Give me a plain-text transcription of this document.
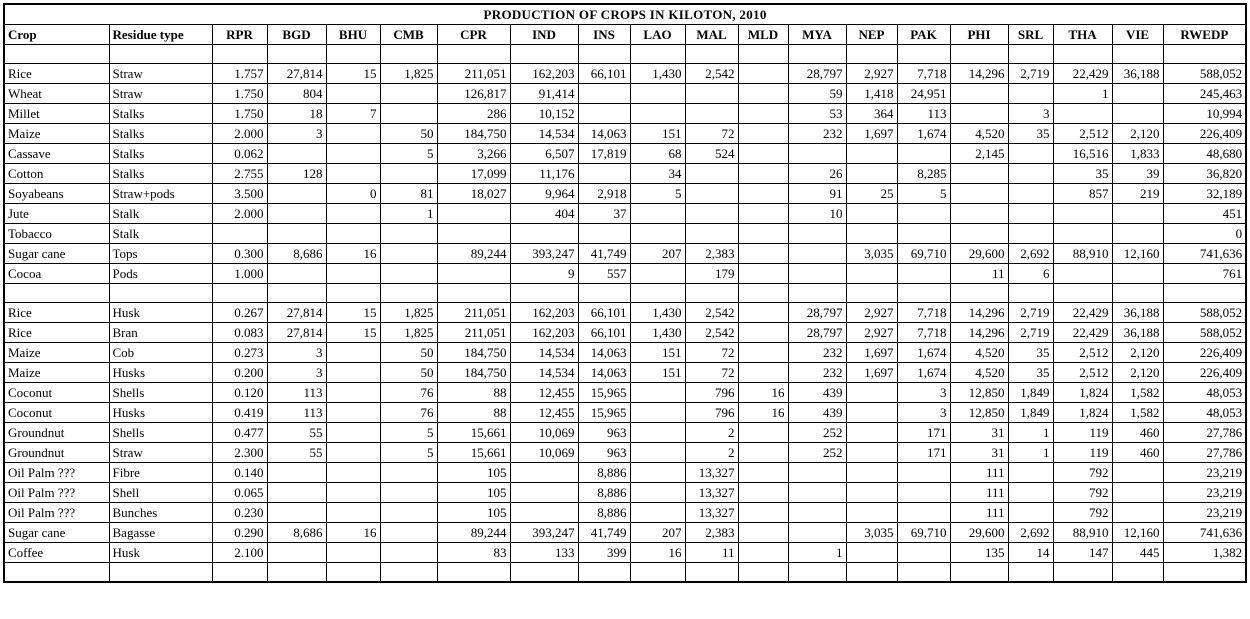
PRODUCTION OF CROPS IN KILOTON, 2010																			
Crop	Residue type	RPR	BGD	BHU	CMB	CPR	IND	INS	LAO	MAL	MLD	MYA	NEP	PAK	PHI	SRL	THA	VIE	RWEDP

Rice	Straw	1.757	27,814	15	1,825	211,051	162,203	66,101	1,430	2,542		28,797	2,927	7,718	14,296	2,719	22,429	36,188	588,052
Wheat	Straw	1.750	804			126,817	91,414					59	1,418	24,951			1		245,463
Millet	Stalks	1.750	18	7		286	10,152					53	364	113		3			10,994
Maize	Stalks	2.000	3		50	184,750	14,534	14,063	151	72		232	1,697	1,674	4,520	35	2,512	2,120	226,409
Cassave	Stalks	0.062			5	3,266	6,507	17,819	68	524					2,145		16,516	1,833	48,680
Cotton	Stalks	2.755	128			17,099	11,176		34			26		8,285			35	39	36,820
Soyabeans	Straw+pods	3.500		0	81	18,027	9,964	2,918	5			91	25	5			857	219	32,189
Jute	Stalk	2.000			1		404	37				10							451
Tobacco	Stalk																		0
Sugar cane	Tops	0.300	8,686	16		89,244	393,247	41,749	207	2,383			3,035	69,710	29,600	2,692	88,910	12,160	741,636
Cocoa	Pods	1.000					9	557		179					11	6			761

Rice	Husk	0.267	27,814	15	1,825	211,051	162,203	66,101	1,430	2,542		28,797	2,927	7,718	14,296	2,719	22,429	36,188	588,052
Rice	Bran	0.083	27,814	15	1,825	211,051	162,203	66,101	1,430	2,542		28,797	2,927	7,718	14,296	2,719	22,429	36,188	588,052
Maize	Cob	0.273	3		50	184,750	14,534	14,063	151	72		232	1,697	1,674	4,520	35	2,512	2,120	226,409
Maize	Husks	0.200	3		50	184,750	14,534	14,063	151	72		232	1,697	1,674	4,520	35	2,512	2,120	226,409
Coconut	Shells	0.120	113		76	88	12,455	15,965		796	16	439		3	12,850	1,849	1,824	1,582	48,053
Coconut	Husks	0.419	113		76	88	12,455	15,965		796	16	439		3	12,850	1,849	1,824	1,582	48,053
Groundnut	Shells	0.477	55		5	15,661	10,069	963		2		252		171	31	1	119	460	27,786
Groundnut	Straw	2.300	55		5	15,661	10,069	963		2		252		171	31	1	119	460	27,786
Oil Palm ???	Fibre	0.140				105		8,886		13,327					111		792		23,219
Oil Palm ???	Shell	0.065				105		8,886		13,327					111		792		23,219
Oil Palm ???	Bunches	0.230				105		8,886		13,327					111		792		23,219
Sugar cane	Bagasse	0.290	8,686	16		89,244	393,247	41,749	207	2,383			3,035	69,710	29,600	2,692	88,910	12,160	741,636
Coffee	Husk	2.100				83	133	399	16	11		1			135	14	147	445	1,382
